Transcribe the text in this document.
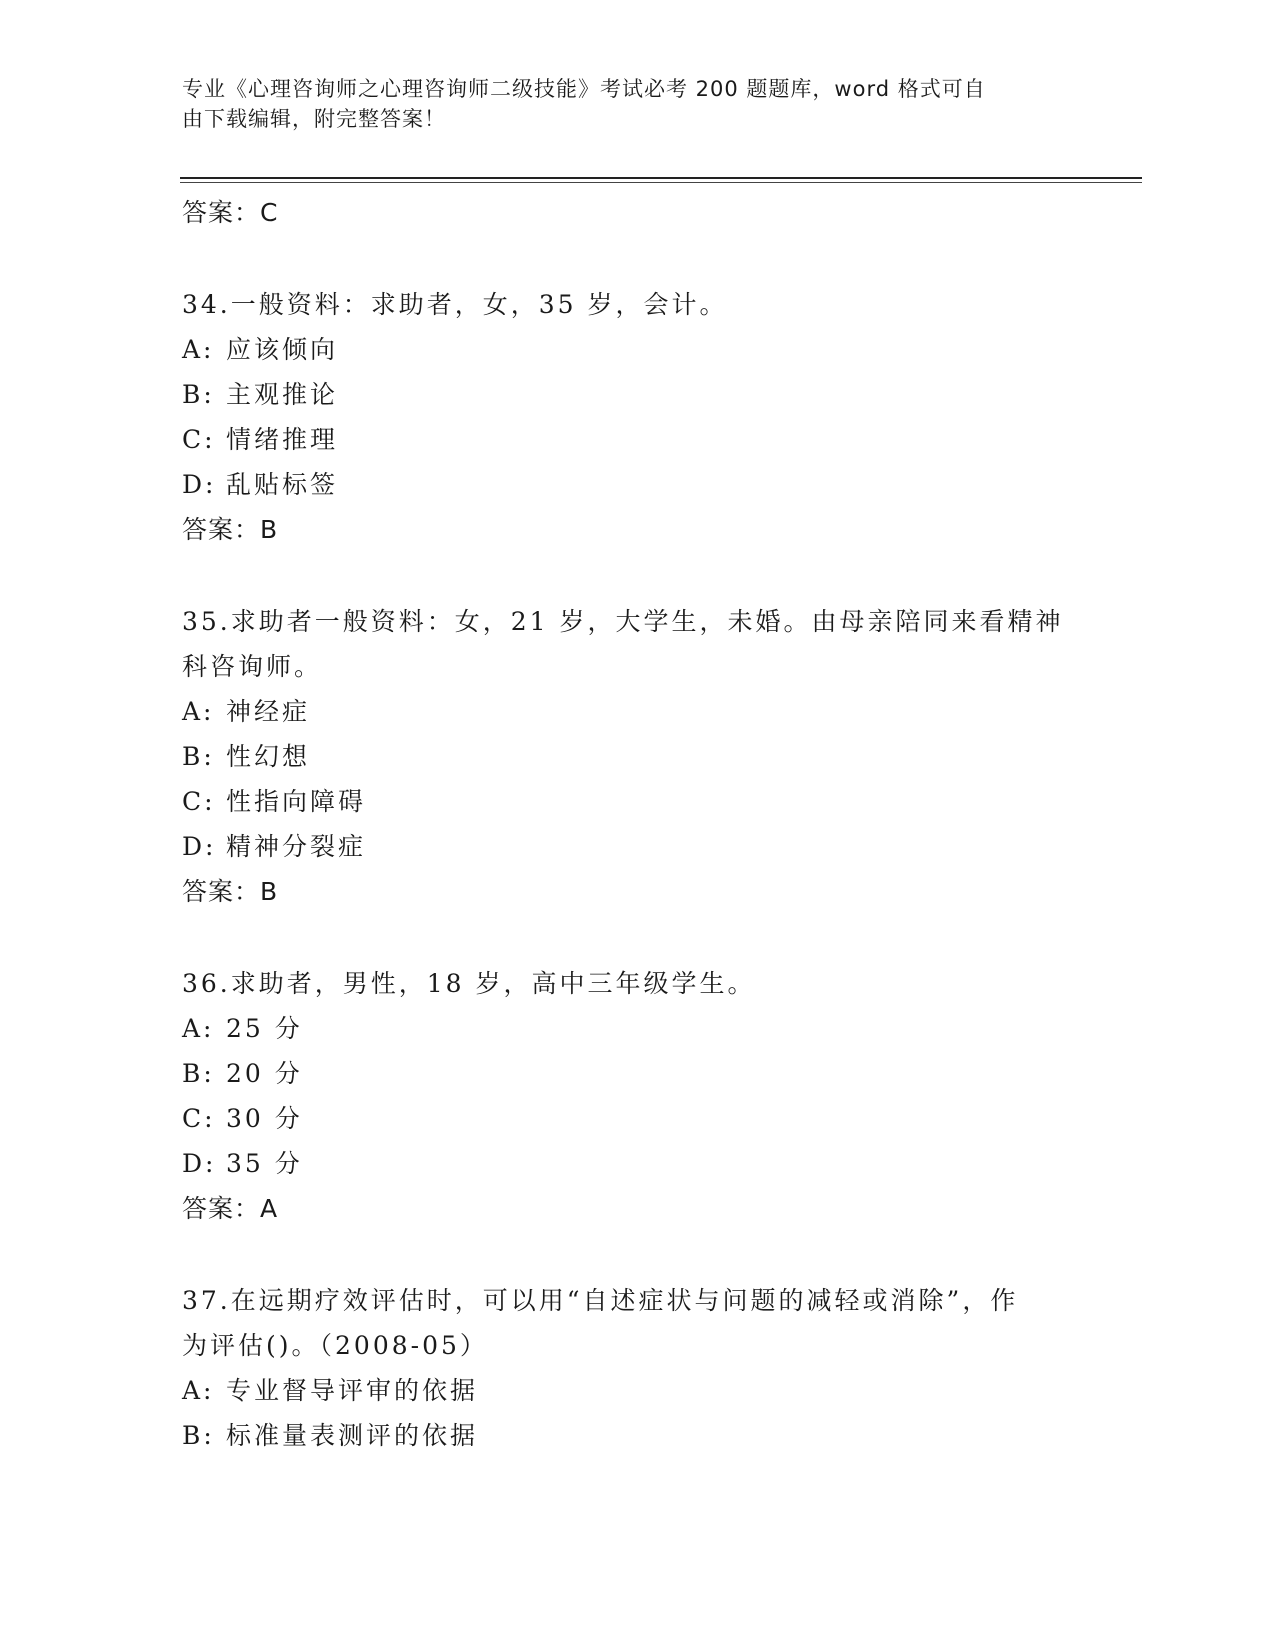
专业《心理咨询师之心理咨询师二级技能》考试必考 200 题题库，word 格式可自
由下载编辑，附完整答案！
答案：C
34.一般资料：求助者，女，35 岁，会计。
A: 应该倾向
B: 主观推论
C: 情绪推理
D: 乱贴标签
答案：B
35.求助者一般资料：女，21 岁，大学生，未婚。由母亲陪同来看精神
科咨询师。
A: 神经症
B: 性幻想
C: 性指向障碍
D: 精神分裂症
答案：B
36.求助者，男性，18 岁，高中三年级学生。
A: 25 分
B: 20 分
C: 30 分
D: 35 分
答案：A
37.在远期疗效评估时，可以用“自述症状与问题的减轻或消除”，作
为评估()。（2008-05）
A: 专业督导评审的依据
B: 标准量表测评的依据
